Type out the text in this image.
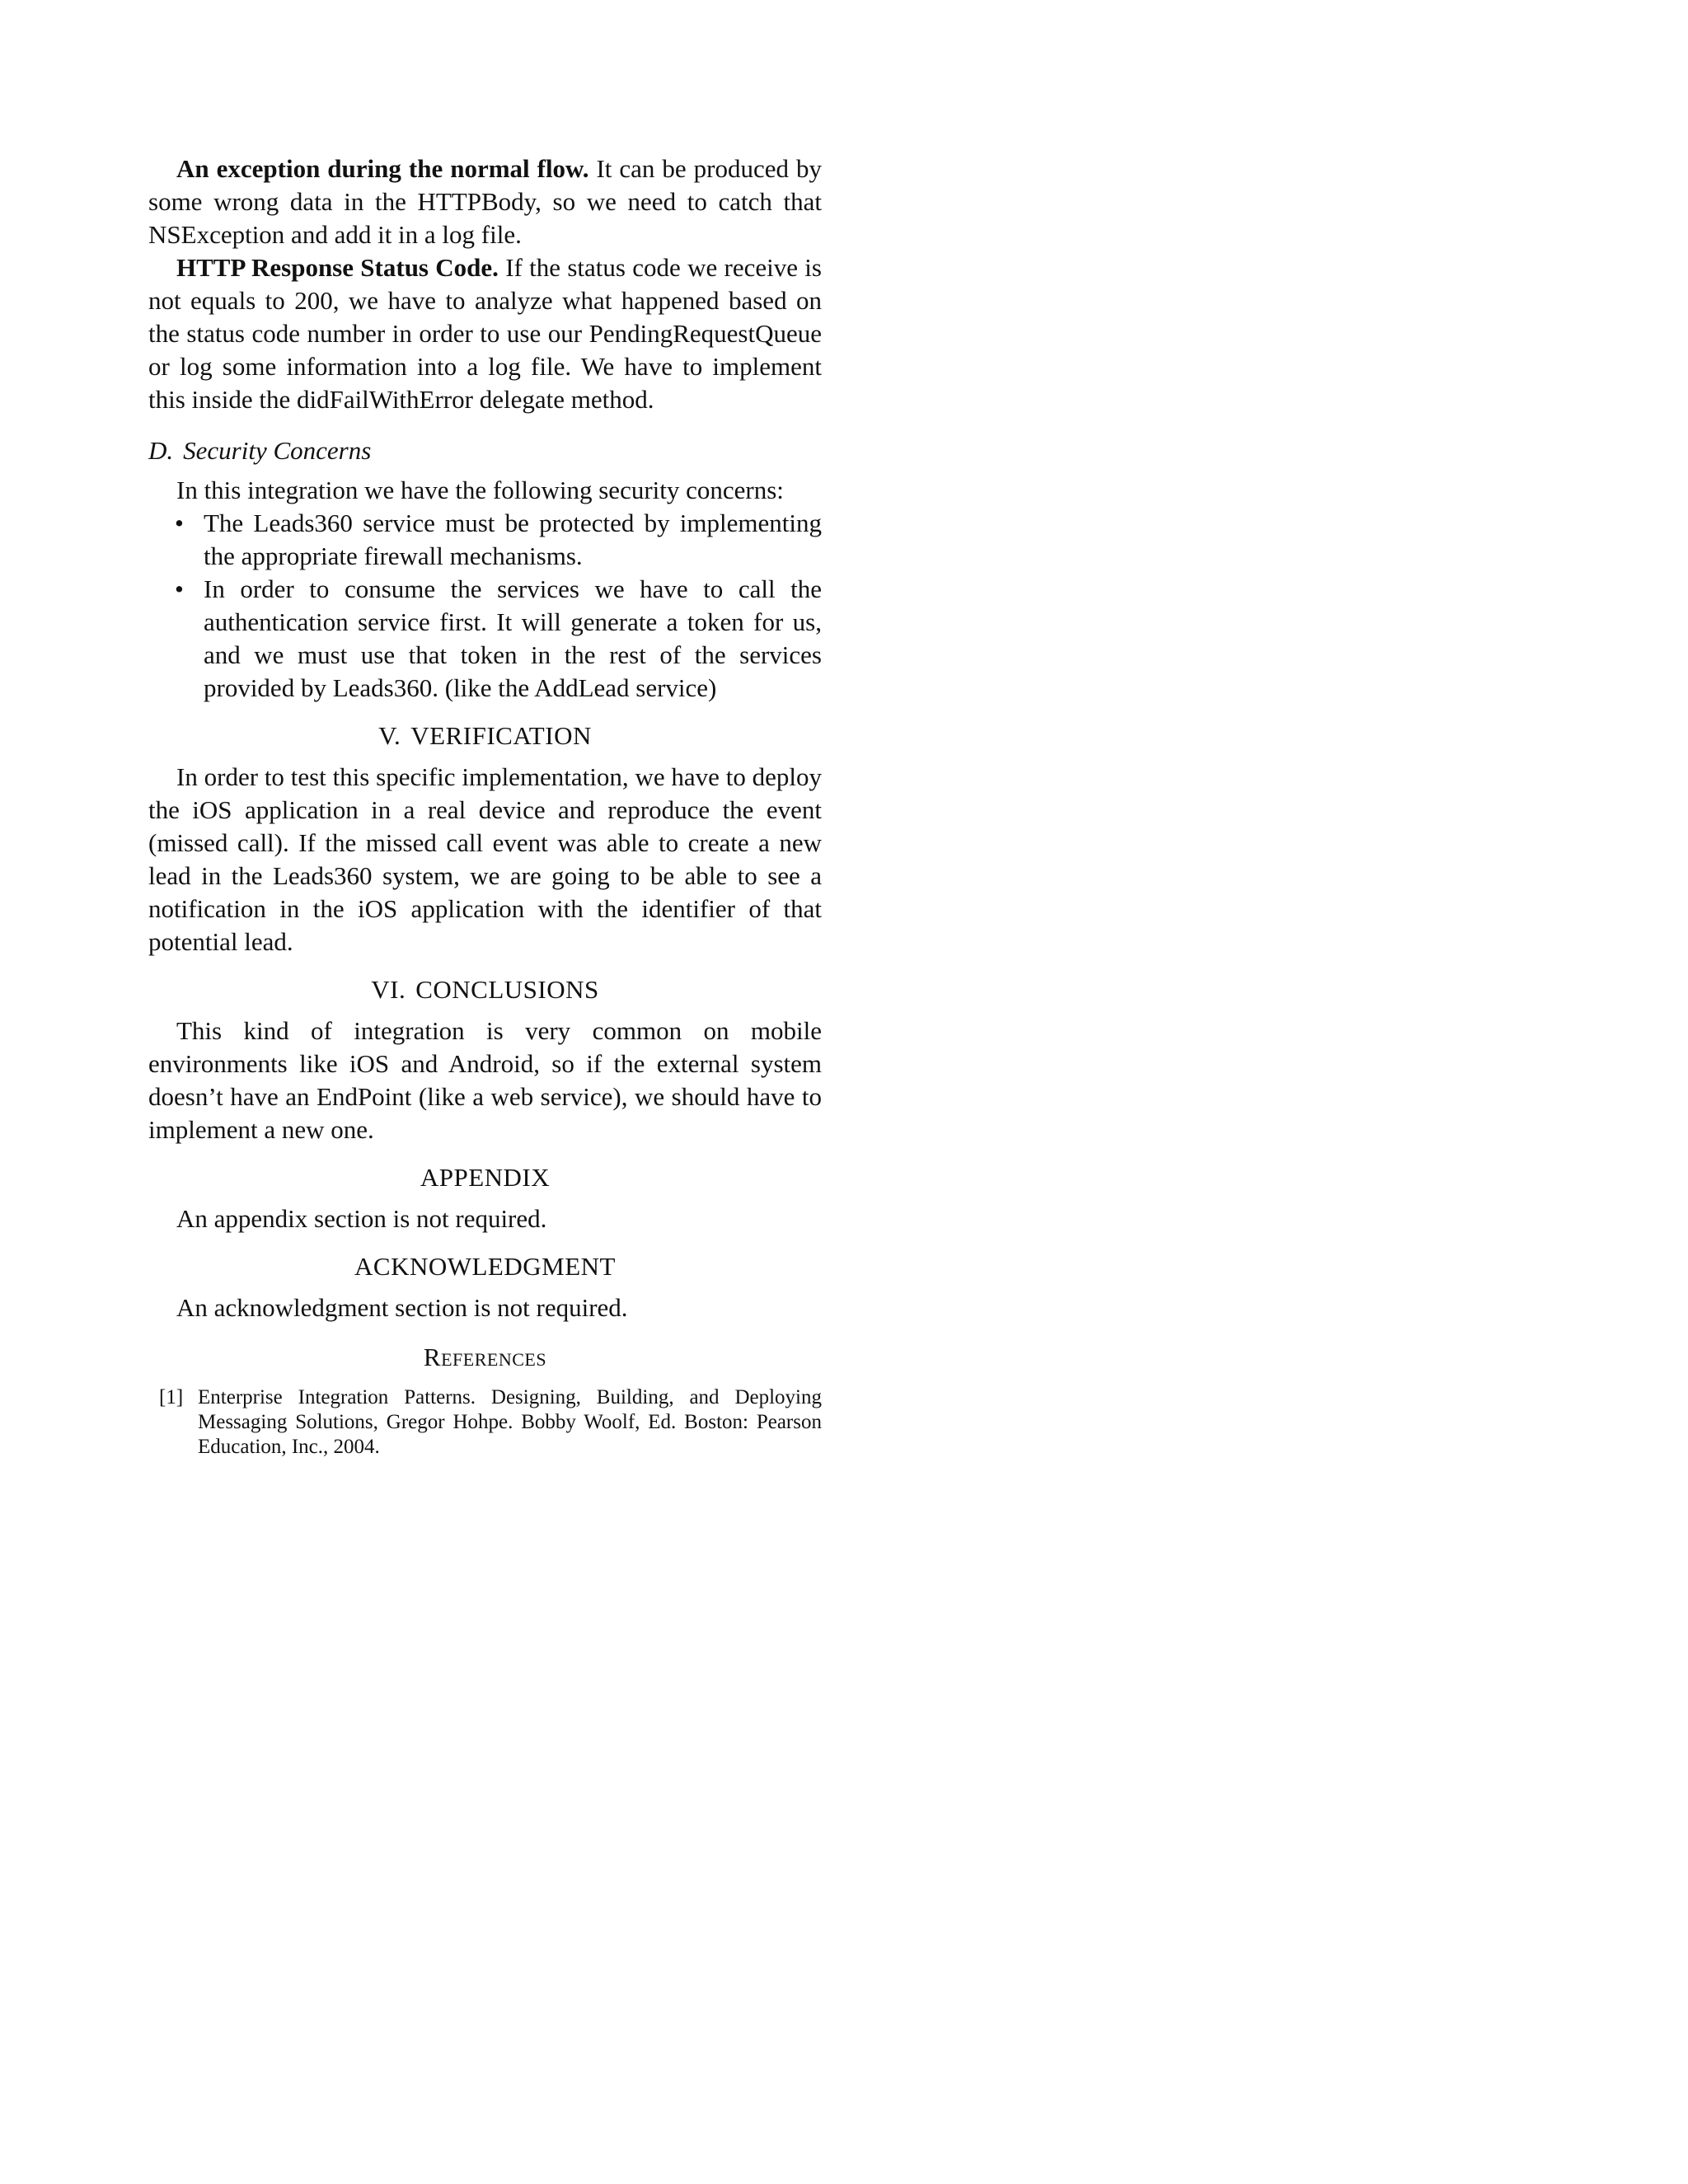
An exception during the normal flow. It can be produced by some wrong data in the HTTPBody, so we need to catch that NSException and add it in a log file.

HTTP Response Status Code. If the status code we receive is not equals to 200, we have to analyze what happened based on the status code number in order to use our PendingRequestQueue or log some information into a log file. We have to implement this inside the didFailWithError delegate method.

D. Security Concerns

In this integration we have the following security concerns:

• The Leads360 service must be protected by implementing the appropriate firewall mechanisms.
• In order to consume the services we have to call the authentication service first. It will generate a token for us, and we must use that token in the rest of the services provided by Leads360. (like the AddLead service)
V. VERIFICATION

In order to test this specific implementation, we have to deploy the iOS application in a real device and reproduce the event (missed call). If the missed call event was able to create a new lead in the Leads360 system, we are going to be able to see a notification in the iOS application with the identifier of that potential lead.

VI. CONCLUSIONS

This kind of integration is very common on mobile environments like iOS and Android, so if the external system doesn’t have an EndPoint (like a web service), we should have to implement a new one.

APPENDIX

An appendix section is not required.

ACKNOWLEDGMENT

An acknowledgment section is not required.

References
[1] Enterprise Integration Patterns. Designing, Building, and Deploying Messaging Solutions, Gregor Hohpe. Bobby Woolf, Ed. Boston: Pearson Education, Inc., 2004.
